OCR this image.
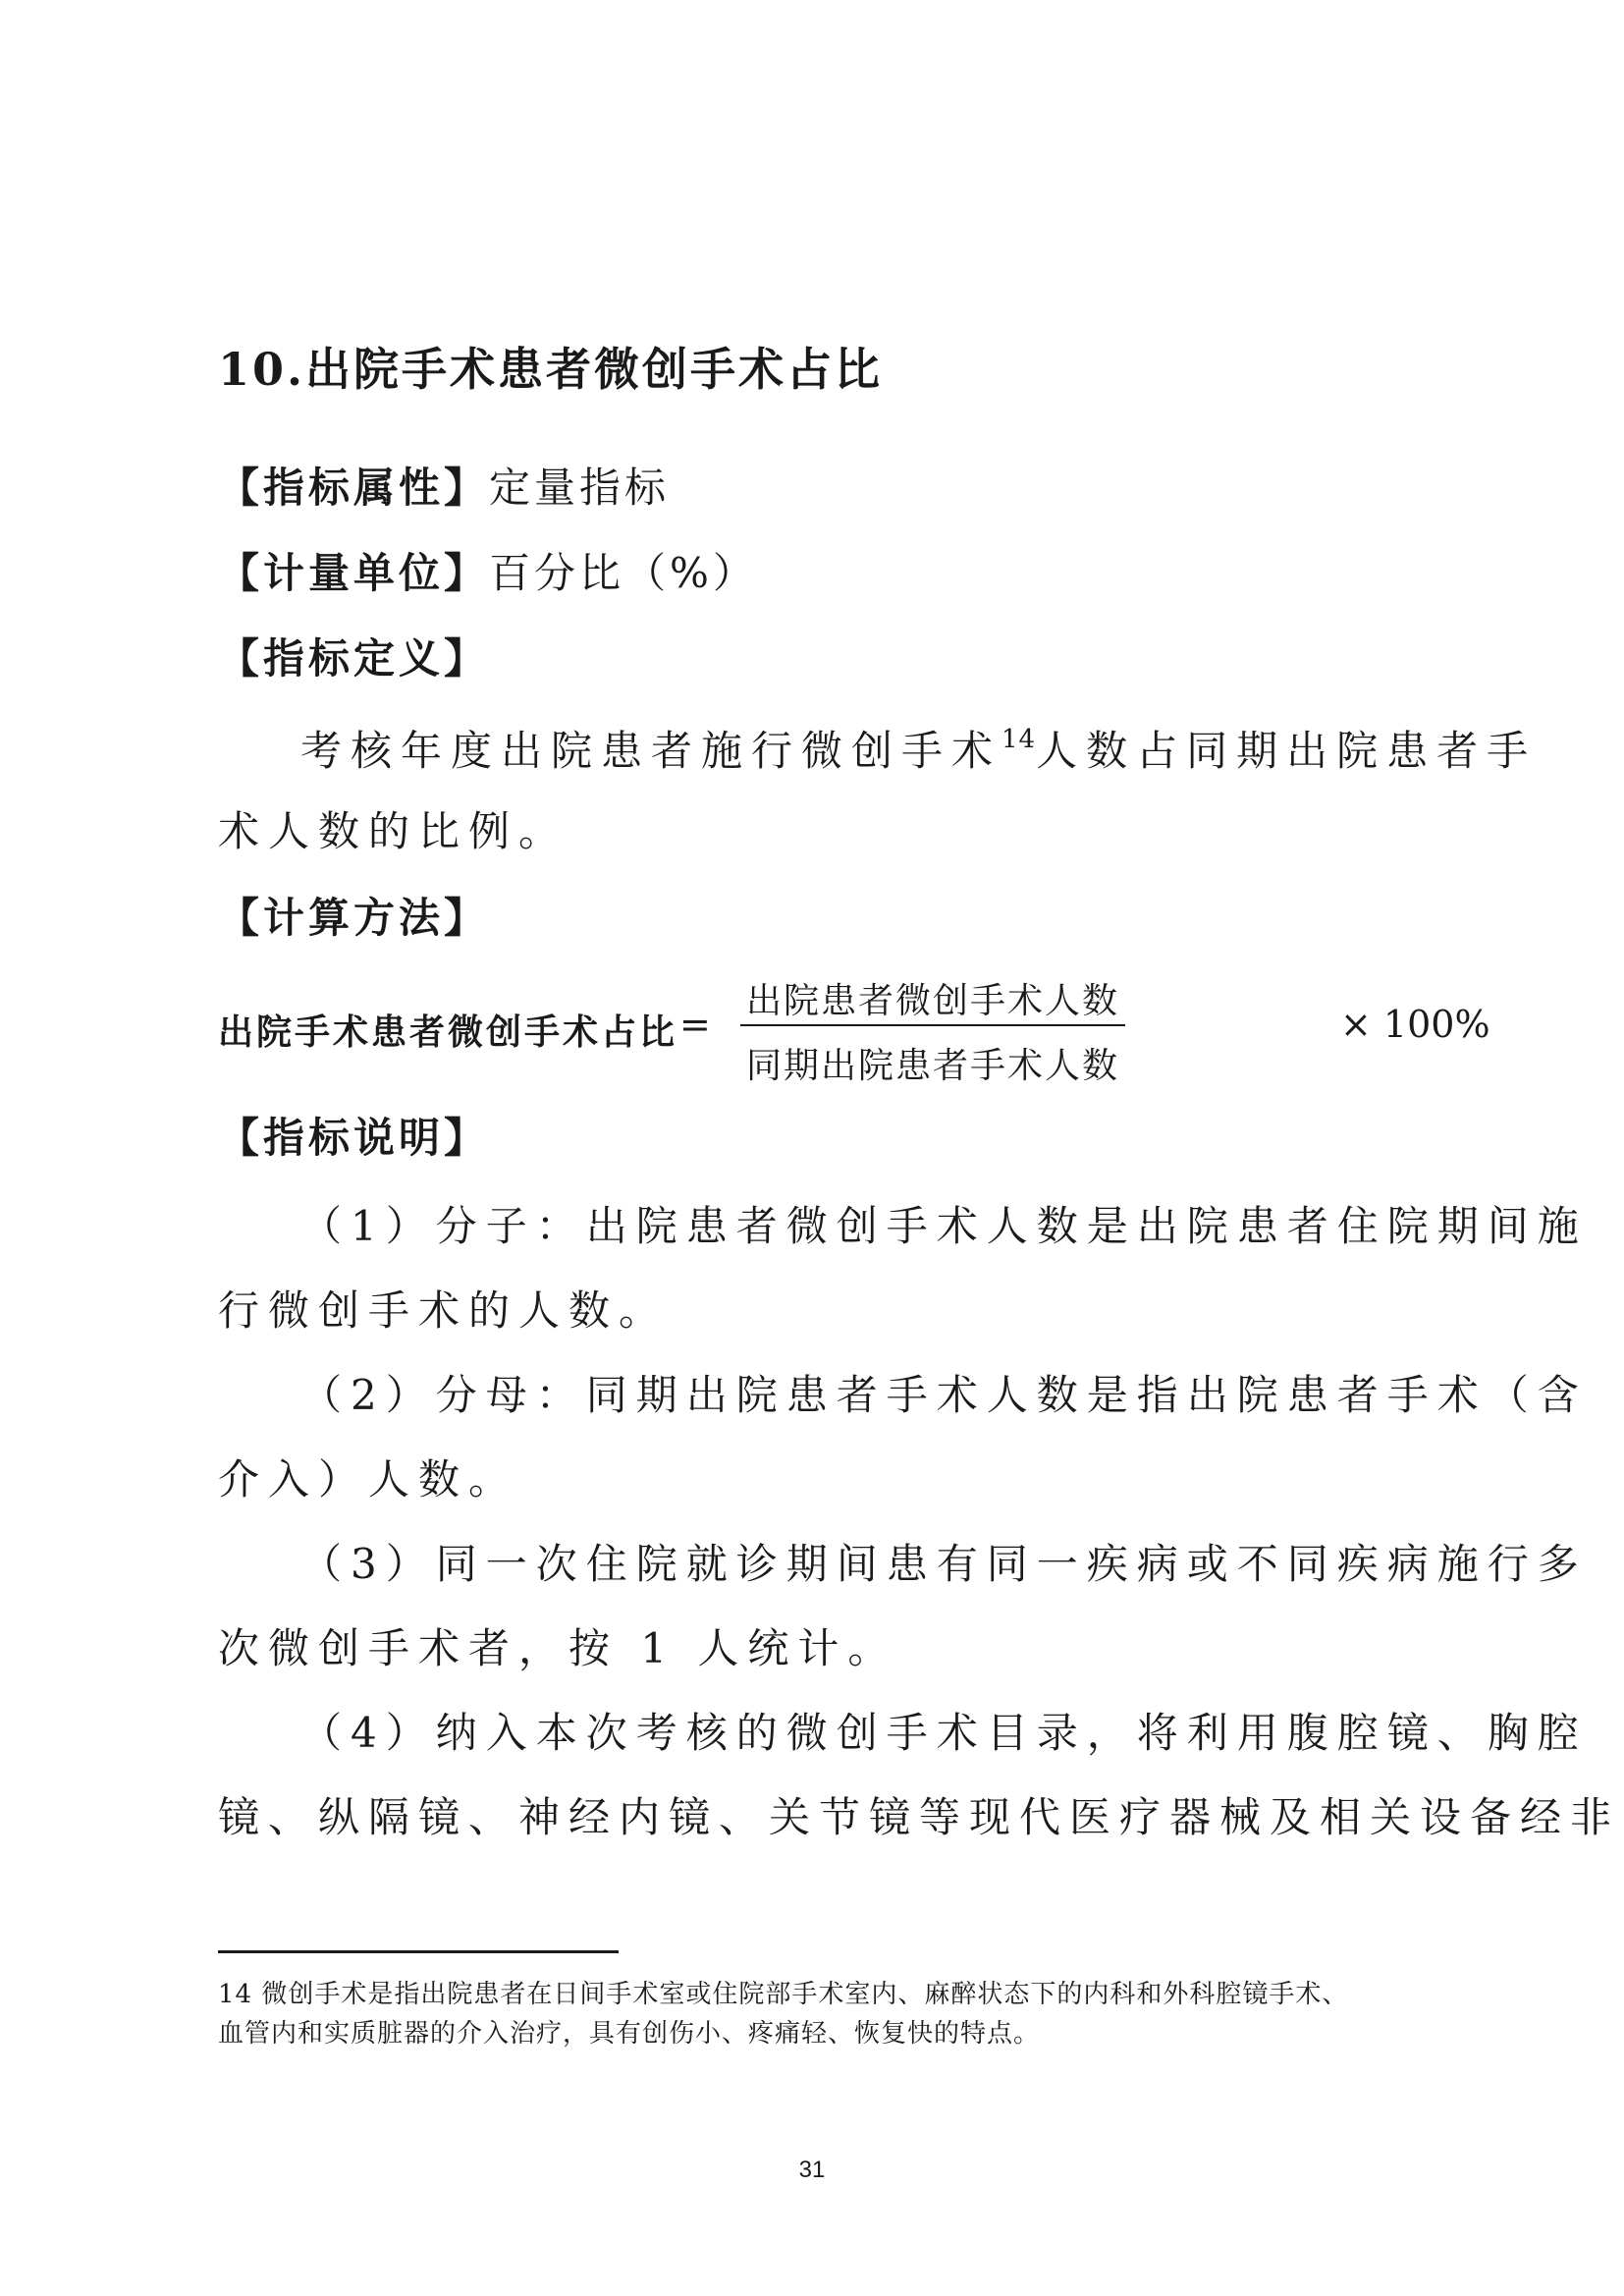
10.出院手术患者微创手术占比
【指标属性】定量指标
【计量单位】百分比（%）
【指标定义】
考核年度出院患者施行微创手术$^{14}$人数占同期出院患者手
术人数的比例。
【计算方法】
出院手术患者微创手术占比 =
出院患者微创手术人数
同期出院患者手术人数
× 100%
【指标说明】
（1）分子：出院患者微创手术人数是出院患者住院期间施
行微创手术的人数。
（2）分母：同期出院患者手术人数是指出院患者手术（含
介入）人数。
（3）同一次住院就诊期间患有同一疾病或不同疾病施行多
次微创手术者，按 1 人统计。
（4）纳入本次考核的微创手术目录，将利用腹腔镜、胸腔
镜、纵隔镜、神经内镜、关节镜等现代医疗器械及相关设备经非
14 微创手术是指出院患者在日间手术室或住院部手术室内、麻醉状态下的内科和外科腔镜手术、
血管内和实质脏器的介入治疗，具有创伤小、疼痛轻、恢复快的特点。
31
